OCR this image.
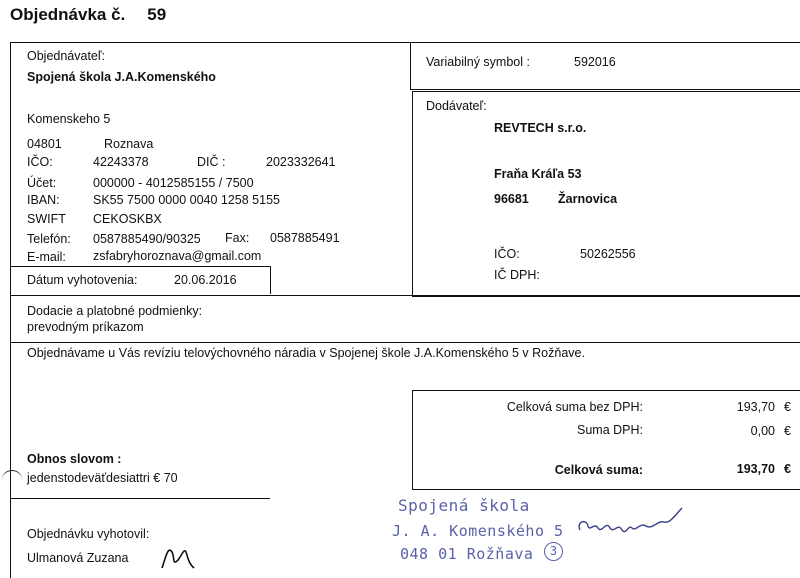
Objednávka č. 59
Objednávateľ:
Spojená škola J.A.Komenského
Komenskeho 5
04801	Roznava
IČO:	42243378	DIČ :	2023332641
Účet:	000000 - 4012585155 / 7500
IBAN:	SK55 7500 0000 0040 1258 5155
SWIFT CEKOSKBX
Telefón: 0587885490/90325 Fax: 0587885491
E-mail: zsfabryhoroznava@gmail.com
Dátum vyhotovenia:	20.06.2016
Variabilný symbol :	592016
Dodávateľ:
REVTECH s.r.o.
Fraňa Kráľa 53
96681 Žarnovica
IČO:	50262556
IČ DPH:
Dodacie a platobné podmienky:
prevodným príkazom
Objednávame u Vás revíziu telovýchovného náradia v Spojenej škole J.A.Komenského 5 v Rožňave.
Celková suma bez DPH:	193,70 €
Suma DPH:	0,00 €
Celková suma:	193,70 €
Obnos slovom :
jedenstodeväťdesiattri € 70
Objednávku vyhotovil:
Ulmanová Zuzana
Spojená škola
J. A. Komenského 5
048 01 Rožňava	3
